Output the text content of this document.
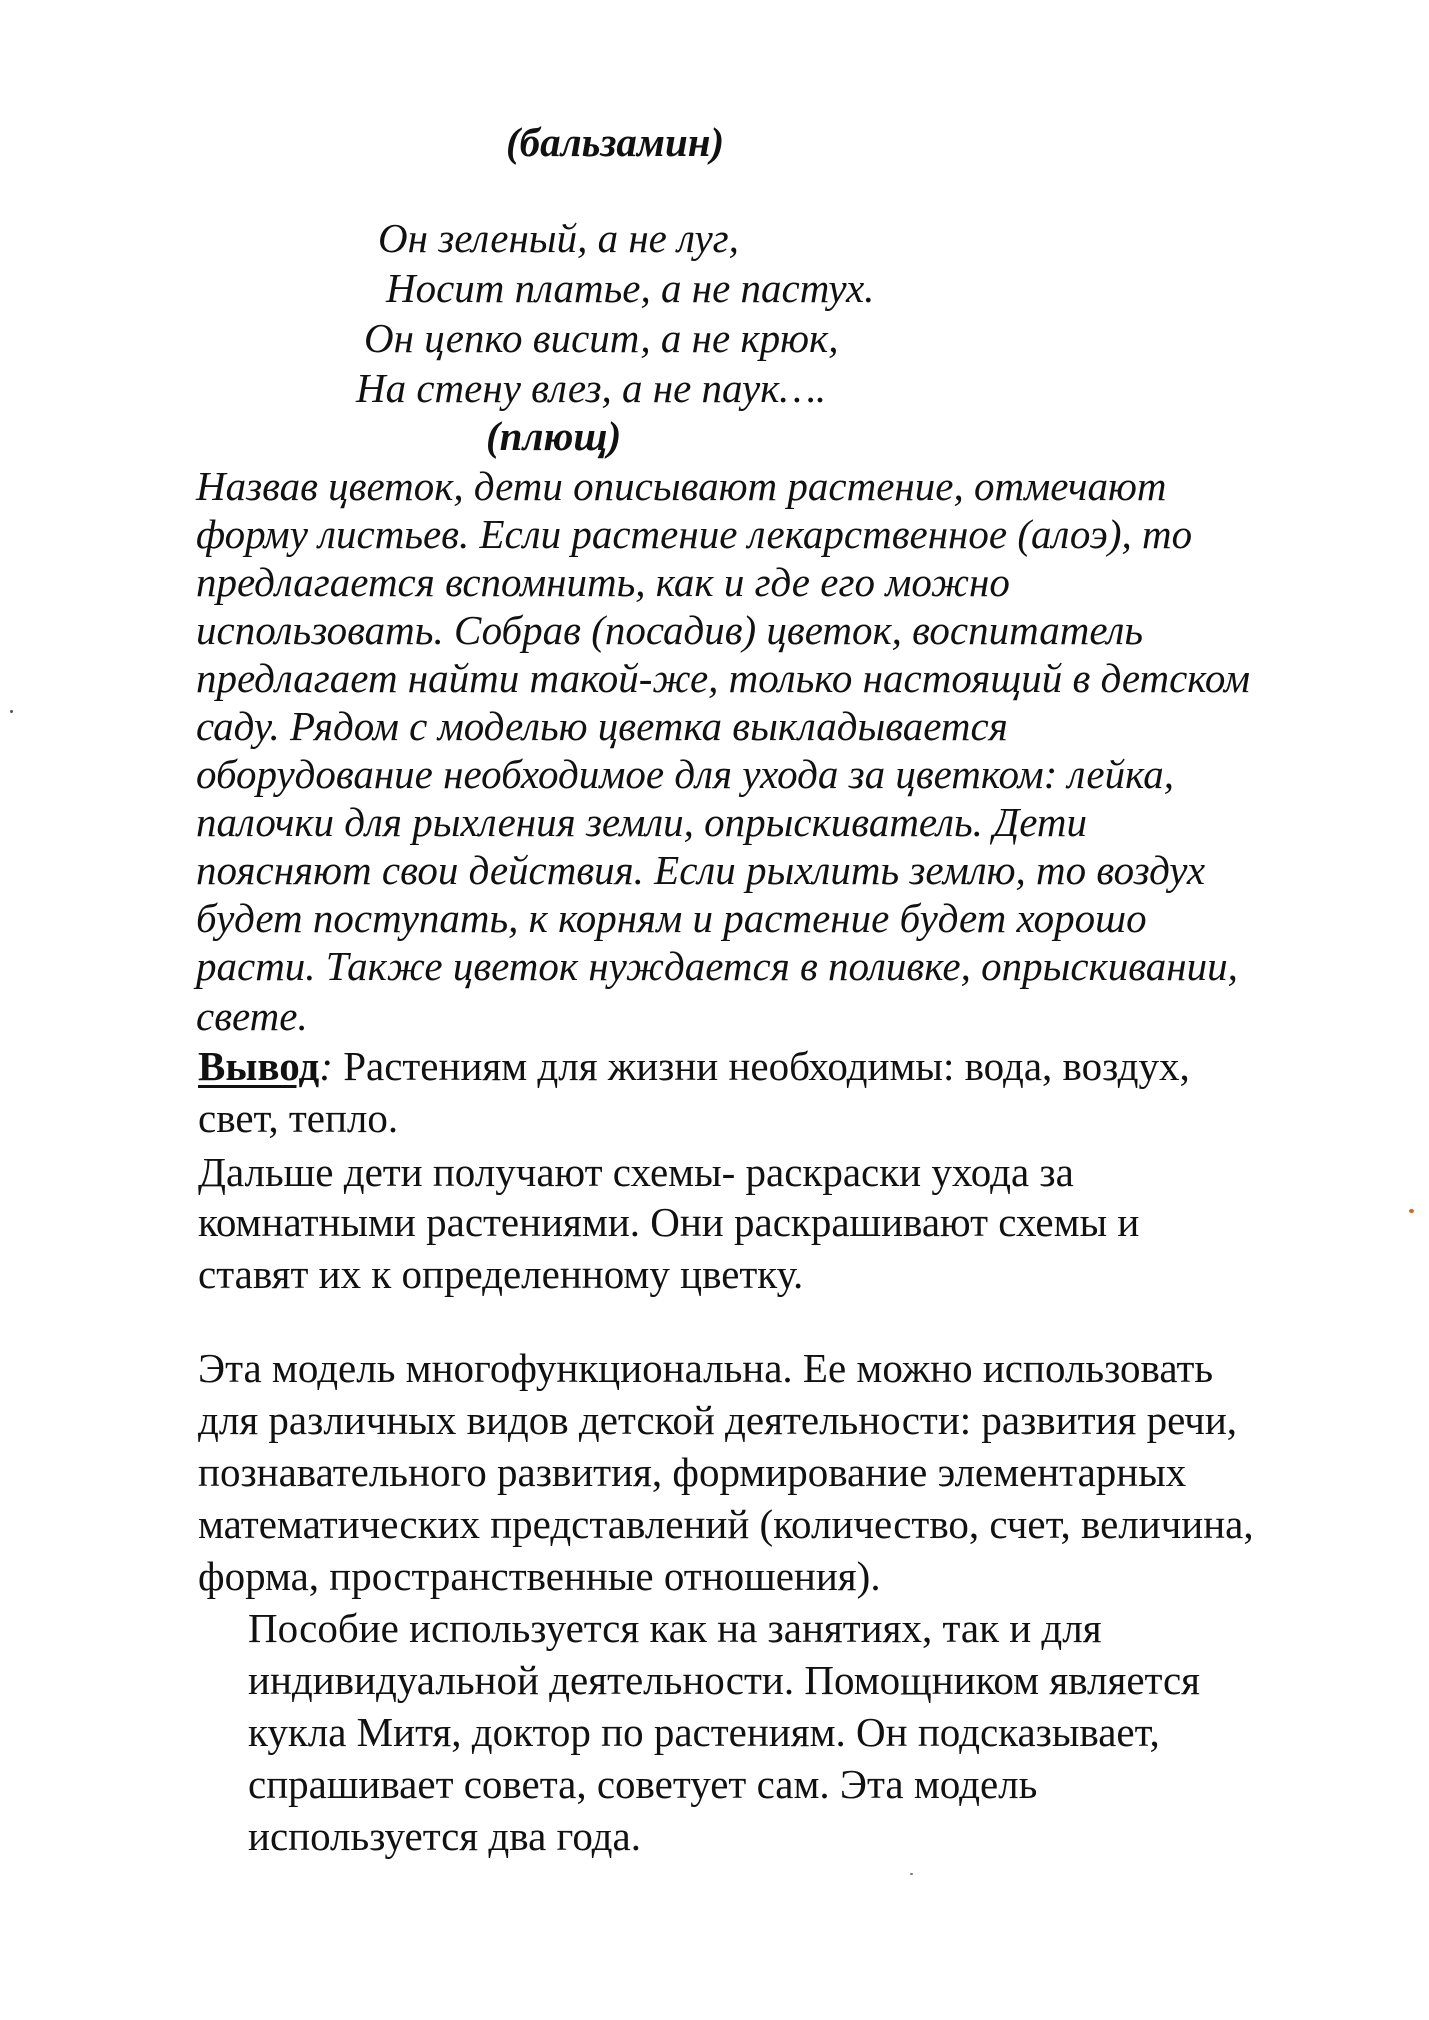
(бальзамин)
Он зеленый, а не луг,
Носит платье, а не пастух.
Он цепко висит, а не крюк,
На стену влез, а не паук….
(плющ)
Назвав цветок, дети описывают растение, отмечают
форму листьев. Если растение лекарственное (алоэ), то
предлагается вспомнить, как и где его можно
использовать. Собрав (посадив) цветок, воспитатель
предлагает найти такой-же, только настоящий в детском
саду. Рядом с моделью цветка выкладывается
оборудование необходимое для ухода за цветком: лейка,
палочки для рыхления земли, опрыскиватель. Дети
поясняют свои действия. Если рыхлить землю, то воздух
будет поступать, к корням и растение будет хорошо
расти. Также цветок нуждается в поливке, опрыскивании,
свете.
Вывод: Растениям для жизни необходимы: вода, воздух,
свет, тепло.
Дальше дети получают схемы- раскраски ухода за
комнатными растениями. Они раскрашивают схемы и
ставят их к определенному цветку.
Эта модель многофункциональна. Ее можно использовать
для различных видов детской деятельности: развития речи,
познавательного развития, формирование элементарных
математических представлений (количество, счет, величина,
форма, пространственные отношения).
Пособие используется как на занятиях, так и для
индивидуальной деятельности. Помощником является
кукла Митя, доктор по растениям. Он подсказывает,
спрашивает совета, советует сам. Эта модель
используется два года.
